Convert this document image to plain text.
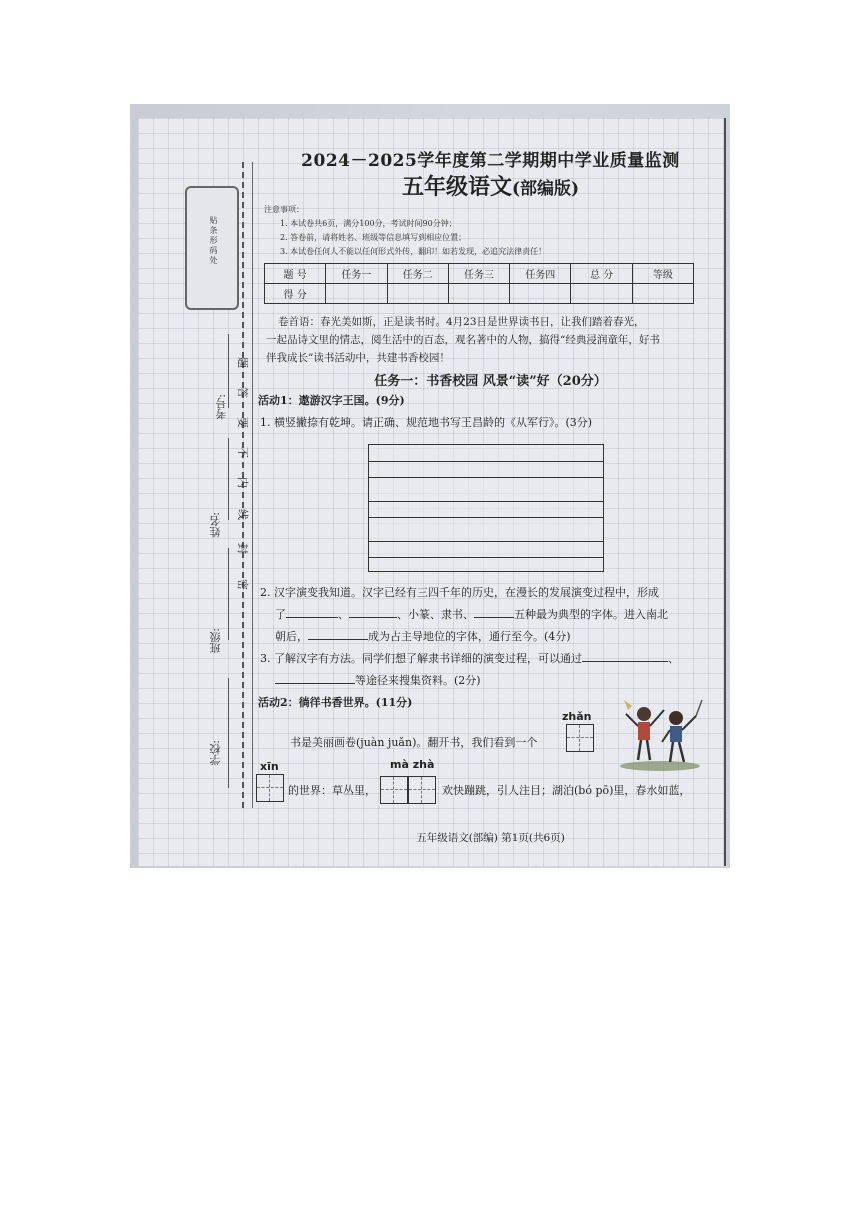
贴条形码处
考号:
姓名:
班级:
学校:
题
答
要
不
内
线
封
密
2024－2025学年度第二学期期中学业质量监测
五年级语文(部编版)
注意事项：
1. 本试卷共6页，满分100分，考试时间90分钟；
2. 答卷前，请将姓名、班级等信息填写到相应位置；
3. 本试卷任何人不能以任何形式外传，翻印！如若发现，必追究法律责任！
题 号	任务一	任务二	任务三	任务四	总 分	等级
得 分						
卷首语：春光美如斯，正是读书时。4月23日是世界读书日，让我们踏着春光，
一起品诗文里的情志，阅生活中的百态，观名著中的人物，搞得“经典浸润童年，好书
伴我成长”读书活动中，共建书香校园！
任务一：书香校园 风景“读”好（20分）
活动1：遨游汉字王国。(9分)
1. 横竖撇捺有乾坤。请正确、规范地书写王昌龄的《从军行》。(3分)
2. 汉字演变我知道。汉字已经有三四千年的历史，在漫长的发展演变过程中，形成
了	、	、小篆、隶书、	五种最为典型的字体。进入南北
朝后，	成为占主导地位的字体，通行至今。(4分)
3. 了解汉字有方法。同学们想了解隶书详细的演变过程，可以通过	、
等途径来搜集资料。(2分)
活动2：徜徉书香世界。(11分)
zhǎn
书是美丽画卷(juàn juǎn)。翻开书，我们看到一个
xīn	mà zhà
的世界：草丛里，	欢快蹦跳，引人注目；湖泊(bó pō)里，春水如蓝，
五年级语文(部编) 第1页(共6页)
